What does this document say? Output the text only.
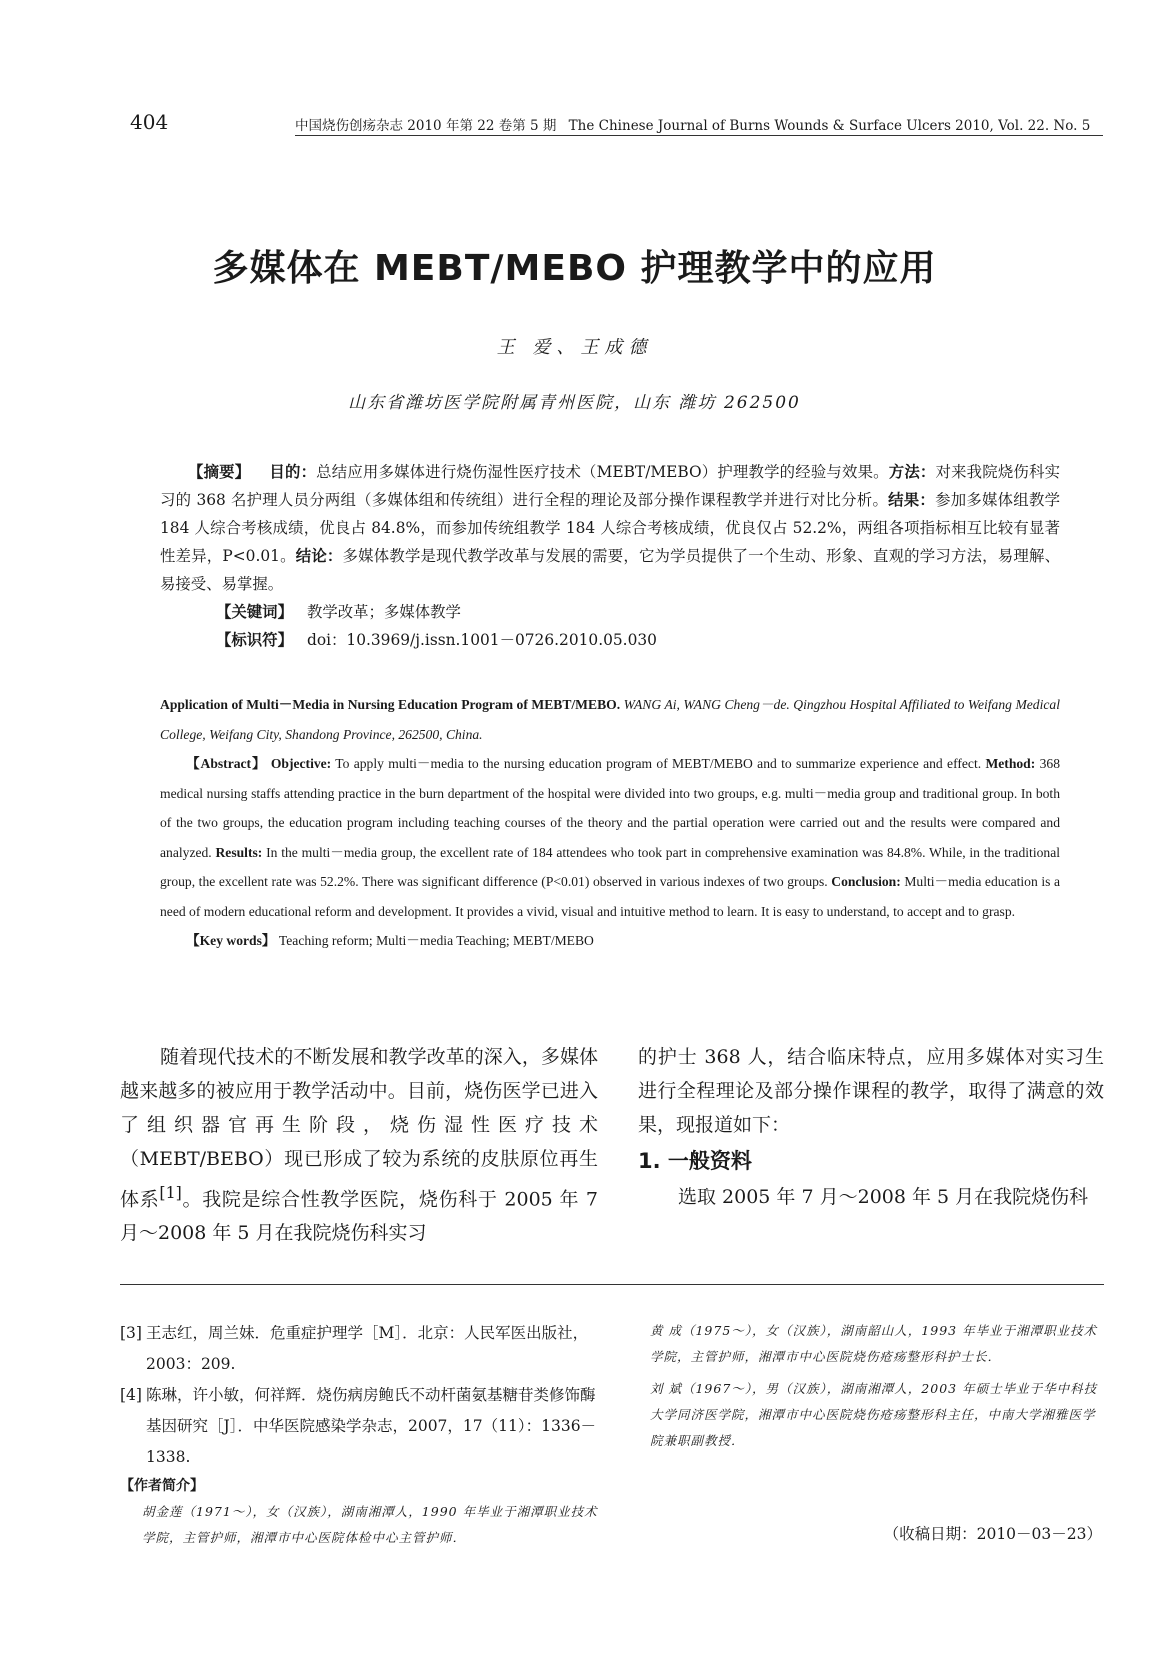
404	中国烧伤创疡杂志 2010 年第 22 卷第 5 期 The Chinese Journal of Burns Wounds & Surface Ulcers 2010, Vol. 22. No. 5
多媒体在 MEBT/MEBO 护理教学中的应用
王 爱、王成德
山东省潍坊医学院附属青州医院，山东 潍坊 262500

【摘要】 目的：总结应用多媒体进行烧伤湿性医疗技术（MEBT/MEBO）护理教学的经验与效果。方法：对来我院烧伤科实习的 368 名护理人员分两组（多媒体组和传统组）进行全程的理论及部分操作课程教学并进行对比分析。结果：参加多媒体组教学 184 人综合考核成绩，优良占 84.8%，而参加传统组教学 184 人综合考核成绩，优良仅占 52.2%，两组各项指标相互比较有显著性差异，P<0.01。结论：多媒体教学是现代教学改革与发展的需要，它为学员提供了一个生动、形象、直观的学习方法，易理解、易接受、易掌握。

【关键词】 教学改革；多媒体教学

【标识符】 doi：10.3969/j.issn.1001－0726.2010.05.030

Application of Multi－Media in Nursing Education Program of MEBT/MEBO. WANG Ai, WANG Cheng－de. Qingzhou Hospital Affiliated to Weifang Medical College, Weifang City, Shandong Province, 262500, China.

【Abstract】 Objective: To apply multi－media to the nursing education program of MEBT/MEBO and to summarize experience and effect. Method: 368 medical nursing staffs attending practice in the burn department of the hospital were divided into two groups, e.g. multi－media group and traditional group. In both of the two groups, the education program including teaching courses of the theory and the partial operation were carried out and the results were compared and analyzed. Results: In the multi－media group, the excellent rate of 184 attendees who took part in comprehensive examination was 84.8%. While, in the traditional group, the excellent rate was 52.2%. There was significant difference (P<0.01) observed in various indexes of two groups. Conclusion: Multi－media education is a need of modern educational reform and development. It provides a vivid, visual and intuitive method to learn. It is easy to understand, to accept and to grasp.

【Key words】 Teaching reform; Multi－media Teaching; MEBT/MEBO

随着现代技术的不断发展和教学改革的深入，多媒体越来越多的被应用于教学活动中。目前，烧伤医学已进入了组织器官再生阶段，烧伤湿性医疗技术（MEBT/BEBO）现已形成了较为系统的皮肤原位再生体系[1]。我院是综合性教学医院，烧伤科于 2005 年 7 月～2008 年 5 月在我院烧伤科实习

的护士 368 人，结合临床特点，应用多媒体对实习生进行全程理论及部分操作课程的教学，取得了满意的效果，现报道如下：

1. 一般资料

选取 2005 年 7 月～2008 年 5 月在我院烧伤科

[3] 王志红，周兰妹．危重症护理学［M］．北京：人民军医出版社，2003：209.

[4] 陈琳，许小敏，何祥辉．烧伤病房鲍氏不动杆菌氨基糖苷类修饰酶基因研究［J］．中华医院感染学杂志，2007，17（11）：1336－1338.

【作者简介】

胡金莲（1971～），女（汉族），湖南湘潭人，1990 年毕业于湘潭职业技术学院，主管护师，湘潭市中心医院体检中心主管护师．

黄 成（1975～），女（汉族），湖南韶山人，1993 年毕业于湘潭职业技术学院，主管护师，湘潭市中心医院烧伤疮疡整形科护士长．

刘 斌（1967～），男（汉族），湖南湘潭人，2003 年硕士毕业于华中科技大学同济医学院，湘潭市中心医院烧伤疮疡整形科主任，中南大学湘雅医学院兼职副教授．

（收稿日期：2010－03－23）
